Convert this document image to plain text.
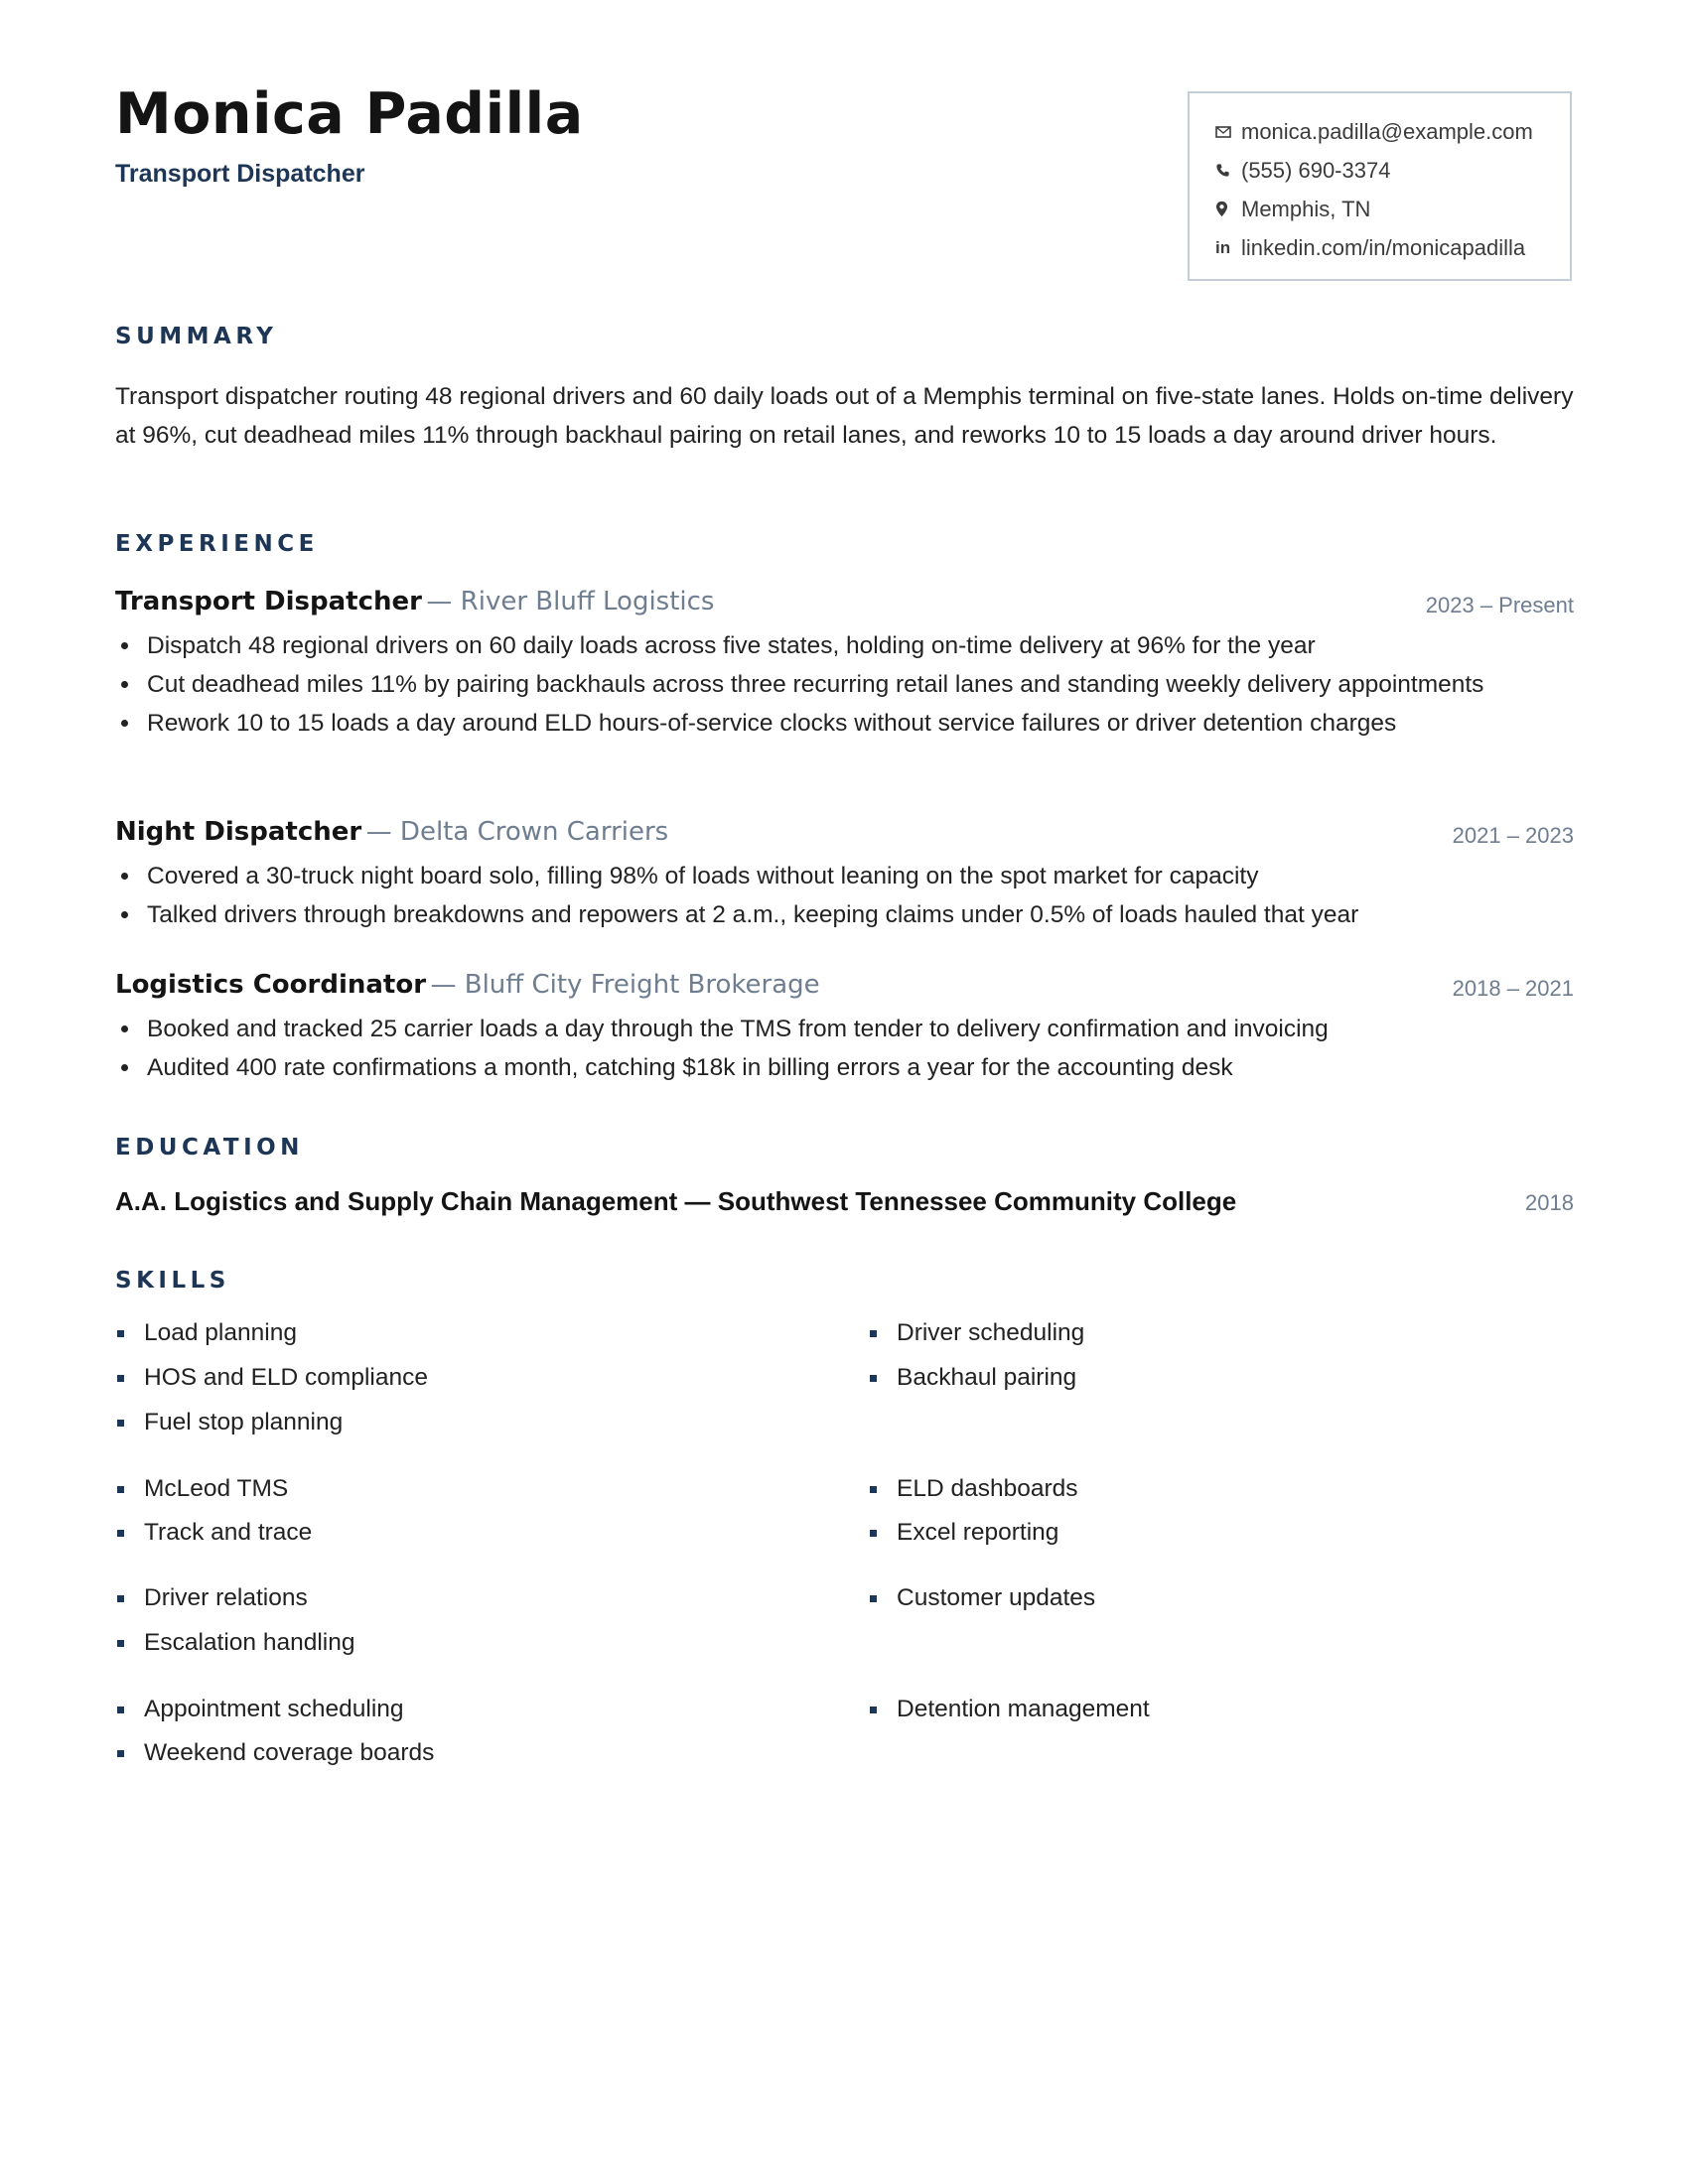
Monica Padilla
Transport Dispatcher
monica.padilla@example.com
(555) 690-3374
Memphis, TN
in linkedin.com/in/monicapadilla
SUMMARY

Transport dispatcher routing 48 regional drivers and 60 daily loads out of a Memphis terminal on five-state lanes. Holds on-time delivery at 96%, cut deadhead miles 11% through backhaul pairing on retail lanes, and reworks 10 to 15 loads a day around driver hours.

EXPERIENCE
Transport Dispatcher — River Bluff Logistics	2023 – Present
Dispatch 48 regional drivers on 60 daily loads across five states, holding on-time delivery at 96% for the year
Cut deadhead miles 11% by pairing backhauls across three recurring retail lanes and standing weekly delivery appointments
Rework 10 to 15 loads a day around ELD hours-of-service clocks without service failures or driver detention charges
Night Dispatcher — Delta Crown Carriers	2021 – 2023
Covered a 30-truck night board solo, filling 98% of loads without leaning on the spot market for capacity
Talked drivers through breakdowns and repowers at 2 a.m., keeping claims under 0.5% of loads hauled that year
Logistics Coordinator — Bluff City Freight Brokerage	2018 – 2021
Booked and tracked 25 carrier loads a day through the TMS from tender to delivery confirmation and invoicing
Audited 400 rate confirmations a month, catching $18k in billing errors a year for the accounting desk
EDUCATION
A.A. Logistics and Supply Chain Management — Southwest Tennessee Community College	2018
SKILLS
Load planning
HOS and ELD compliance
Fuel stop planning
Driver scheduling
Backhaul pairing
McLeod TMS
Track and trace
ELD dashboards
Excel reporting
Driver relations
Escalation handling
Customer updates
Appointment scheduling
Weekend coverage boards
Detention management
